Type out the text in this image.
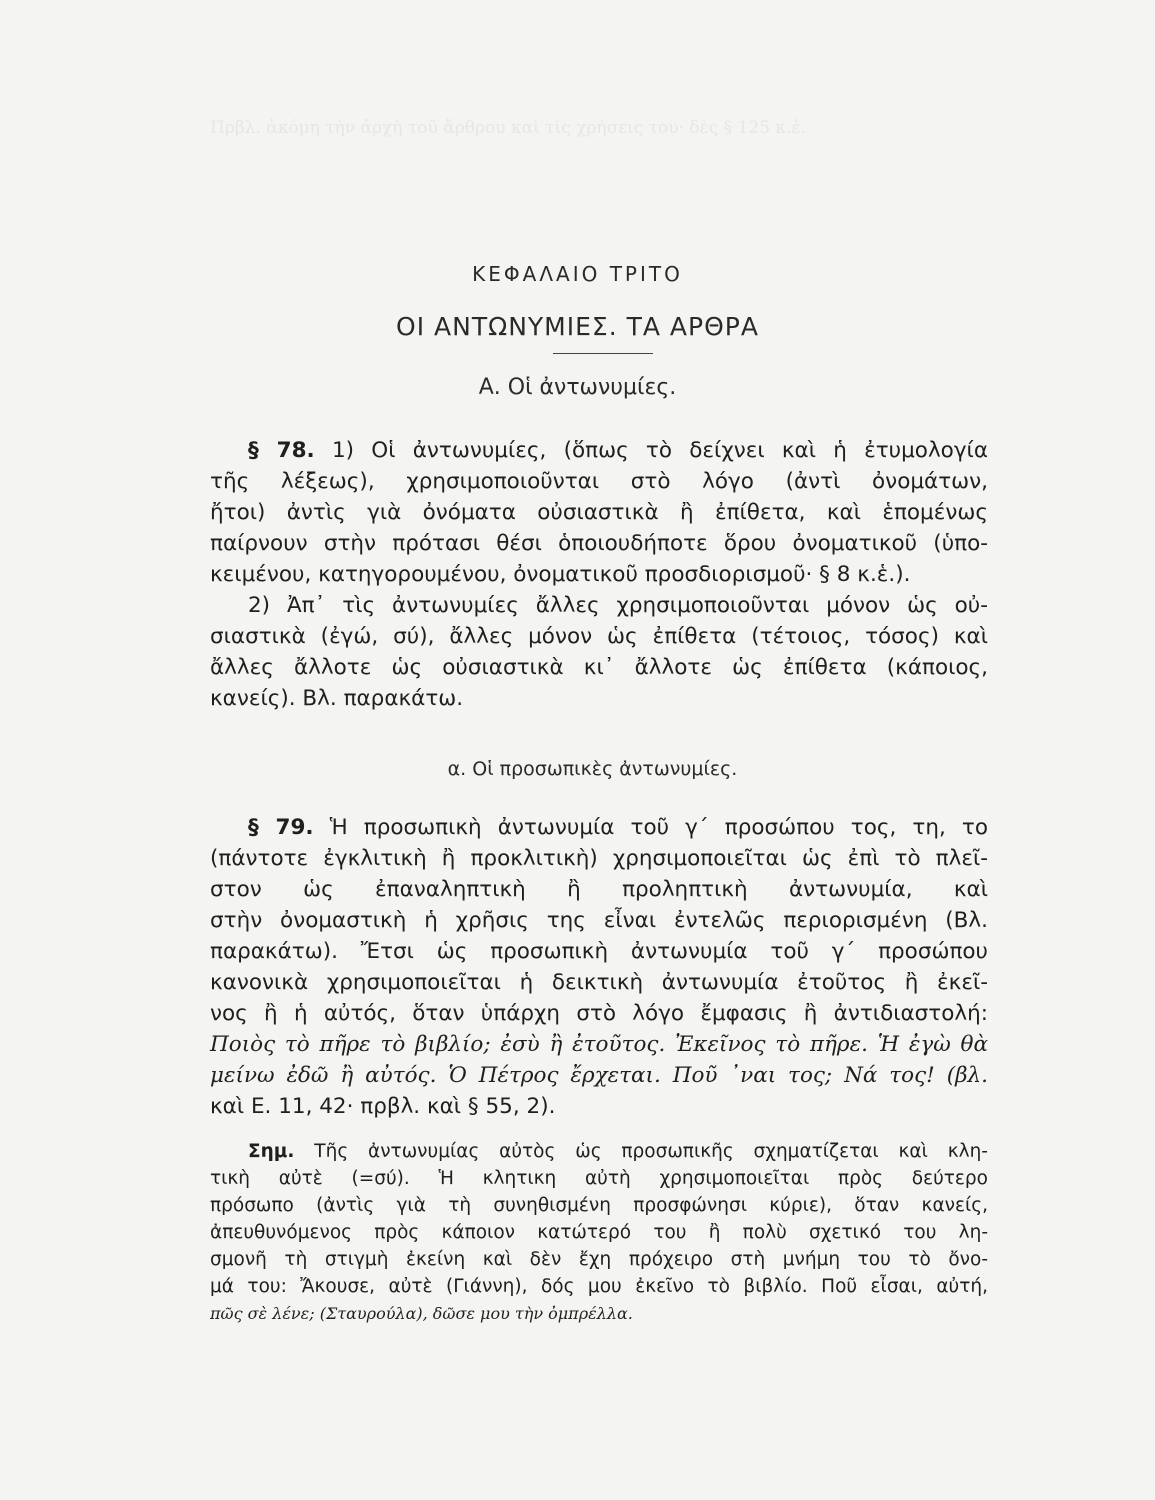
Πρβλ. ἀκόμη τὴν ἀρχὴ τοῦ ἄρθρου καὶ τὶς χρήσεις του· δὲς § 125 κ.ἑ.
ΚΕΦΑΛΑΙΟ ΤΡΙΤΟ
ΟΙ ΑΝΤΩΝΥΜΙΕΣ. ΤΑ ΑΡΘΡΑ
Α. Οἱ ἀντωνυμίες.
§ 78. 1) Οἱ ἀντωνυμίες, (ὅπως τὸ δείχνει καὶ ἡ ἐτυμολογία
τῆς λέξεως), χρησιμοποιοῦνται στὸ λόγο (ἀντὶ ὀνομάτων,
ἤτοι) ἀντὶς γιὰ ὀνόματα οὐσιαστικὰ ἢ ἐπίθετα, καὶ ἑπομένως
παίρνουν στὴν πρότασι θέσι ὁποιουδήποτε ὅρου ὀνοματικοῦ (ὑπο-
κειμένου, κατηγορουμένου, ὀνοματικοῦ προσδιορισμοῦ· § 8 κ.ἑ.).
2) Ἀπ᾽ τὶς ἀντωνυμίες ἄλλες χρησιμοποιοῦνται μόνον ὡς οὐ-
σιαστικὰ (ἐγώ, σύ), ἄλλες μόνον ὡς ἐπίθετα (τέτοιος, τόσος) καὶ
ἄλλες ἄλλοτε ὡς οὐσιαστικὰ κι᾽ ἄλλοτε ὡς ἐπίθετα (κάποιος,
κανείς). Βλ. παρακάτω.
α. Οἱ προσωπικὲς ἀντωνυμίες.
§ 79. Ἡ προσωπικὴ ἀντωνυμία τοῦ γ΄ προσώπου τος, τη, το
(πάντοτε ἐγκλιτικὴ ἢ προκλιτικὴ) χρησιμοποιεῖται ὡς ἐπὶ τὸ πλεῖ-
στον ὡς ἐπαναληπτικὴ ἢ προληπτικὴ ἀντωνυμία, καὶ
στὴν ὀνομαστικὴ ἡ χρῆσις της εἶναι ἐντελῶς περιορισμένη (Βλ.
παρακάτω). Ἔτσι ὡς προσωπικὴ ἀντωνυμία τοῦ γ΄ προσώπου
κανονικὰ χρησιμοποιεῖται ἡ δεικτικὴ ἀντωνυμία ἐτοῦτος ἢ ἐκεῖ-
νος ἢ ἡ αὐτός, ὅταν ὑπάρχη στὸ λόγο ἔμφασις ἢ ἀντιδιαστολή:
Ποιὸς τὸ πῆρε τὸ βιβλίο; ἐσὺ ἢ ἐτοῦτος. Ἐκεῖνος τὸ πῆρε. Ἡ ἐγὼ θὰ
μείνω ἐδῶ ἢ αὐτός. Ὁ Πέτρος ἔρχεται. Ποῦ ᾽ναι τος; Νά τος! (βλ.
καὶ Ε. 11, 42· πρβλ. καὶ § 55, 2).
Σημ. Τῆς ἀντωνυμίας αὐτὸς ὡς προσωπικῆς σχηματίζεται καὶ κλη-
τικὴ αὐτὲ (=σύ). Ἡ κλητικη αὐτὴ χρησιμοποιεῖται πρὸς δεύτερο
πρόσωπο (ἀντὶς γιὰ τὴ συνηθισμένη προσφώνησι κύριε), ὅταν κανείς,
ἀπευθυνόμενος πρὸς κάποιον κατώτερό του ἢ πολὺ σχετικό του λη-
σμονῆ τὴ στιγμὴ ἐκείνη καὶ δὲν ἔχη πρόχειρο στὴ μνήμη του τὸ ὄνο-
μά του: Ἄκουσε, αὐτὲ (Γιάννη), δός μου ἐκεῖνο τὸ βιβλίο. Ποῦ εἶσαι, αὐτή,
πῶς σὲ λένε; (Σταυρούλα), δῶσε μου τὴν ὀμπρέλλα.
